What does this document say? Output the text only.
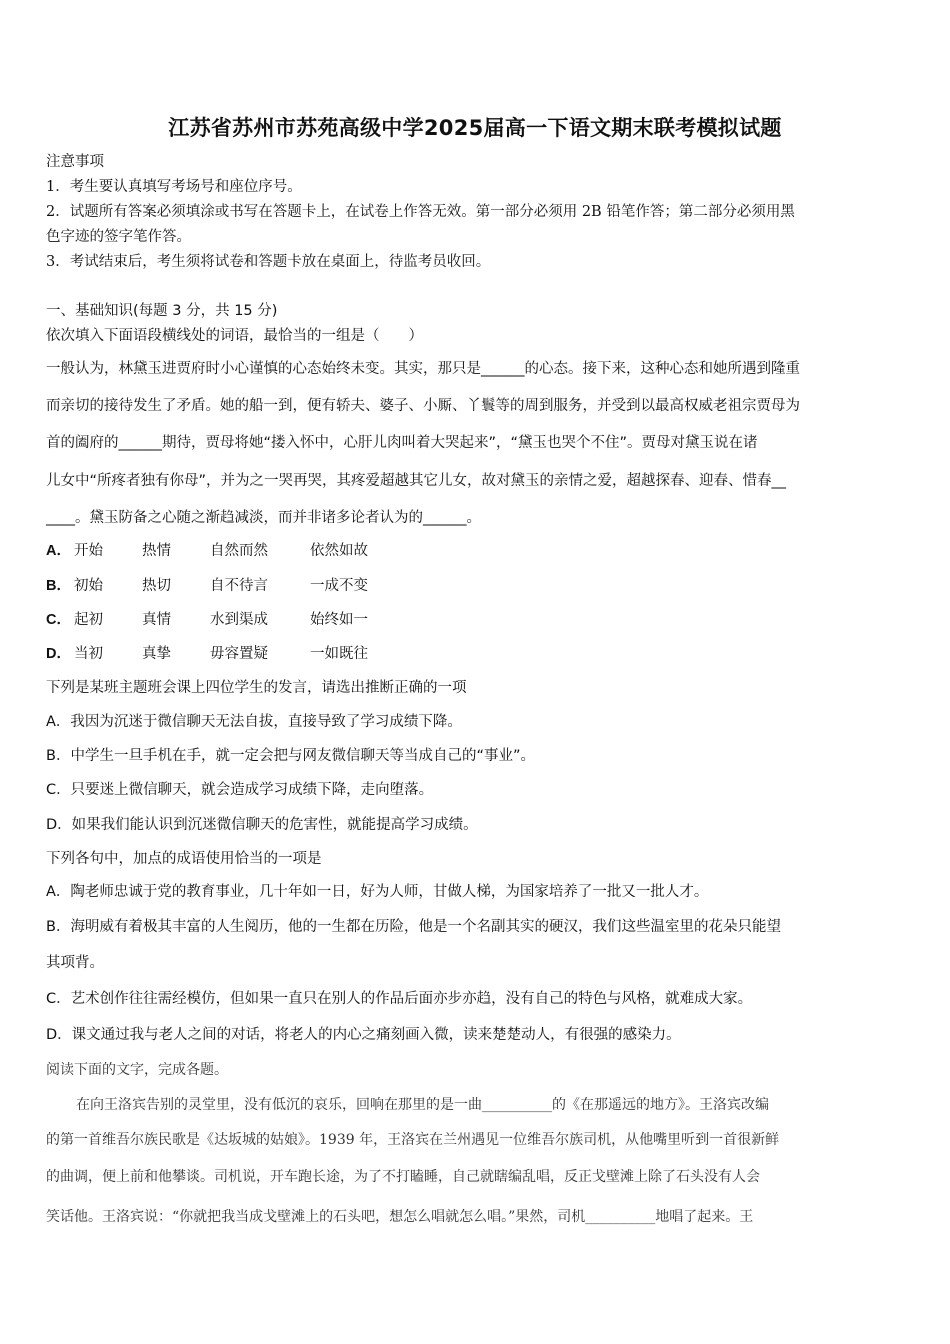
江苏省苏州市苏苑高级中学2025届高一下语文期末联考模拟试题
注意事项
1．考生要认真填写考场号和座位序号。
2．试题所有答案必须填涂或书写在答题卡上，在试卷上作答无效。第一部分必须用 2B 铅笔作答；第二部分必须用黑
色字迹的签字笔作答。
3．考试结束后，考生须将试卷和答题卡放在桌面上，待监考员收回。
一、基础知识(每题 3 分，共 15 分)
依次填入下面语段横线处的词语，最恰当的一组是（　　）
一般认为，林黛玉进贾府时小心谨慎的心态始终未变。其实，那只是______的心态。接下来，这种心态和她所遇到隆重
而亲切的接待发生了矛盾。她的船一到，便有轿夫、婆子、小厮、丫鬟等的周到服务，并受到以最高权威老祖宗贾母为
首的阖府的______期待，贾母将她“搂入怀中，心肝儿肉叫着大哭起来”，“黛玉也哭个不住”。贾母对黛玉说在诸
儿女中“所疼者独有你母”，并为之一哭再哭，其疼爱超越其它儿女，故对黛玉的亲情之爱，超越探春、迎春、惜春__
____。黛玉防备之心随之渐趋减淡，而并非诸多论者认为的______。
A． 开始	热情	自然而然	依然如故
B． 初始	热切	自不待言	一成不变
C． 起初	真情	水到渠成	始终如一
D． 当初	真挚	毋容置疑	一如既往
下列是某班主题班会课上四位学生的发言，请选出推断正确的一项
A．我因为沉迷于微信聊天无法自拔，直接导致了学习成绩下降。
B．中学生一旦手机在手，就一定会把与网友微信聊天等当成自己的“事业”。
C．只要迷上微信聊天，就会造成学习成绩下降，走向堕落。
D．如果我们能认识到沉迷微信聊天的危害性，就能提高学习成绩。
下列各句中，加点的成语使用恰当的一项是
A．陶老师忠诚于党的教育事业，几十年如一日，好为人师，甘做人梯，为国家培养了一批又一批人才。
B．海明威有着极其丰富的人生阅历，他的一生都在历险，他是一个名副其实的硬汉，我们这些温室里的花朵只能望
其项背。
C．艺术创作往往需经模仿，但如果一直只在别人的作品后面亦步亦趋，没有自己的特色与风格，就难成大家。
D．课文通过我与老人之间的对话，将老人的内心之痛刻画入微，读来楚楚动人，有很强的感染力。
阅读下面的文字，完成各题。
在向王洛宾告别的灵堂里，没有低沉的哀乐，回响在那里的是一曲__________的《在那遥远的地方》。王洛宾改编
的第一首维吾尔族民歌是《达坂城的姑娘》。1939 年，王洛宾在兰州遇见一位维吾尔族司机，从他嘴里听到一首很新鲜
的曲调，便上前和他攀谈。司机说，开车跑长途，为了不打瞌睡，自己就瞎编乱唱，反正戈壁滩上除了石头没有人会
笑话他。王洛宾说：“你就把我当成戈壁滩上的石头吧，想怎么唱就怎么唱。”果然，司机__________地唱了起来。王
